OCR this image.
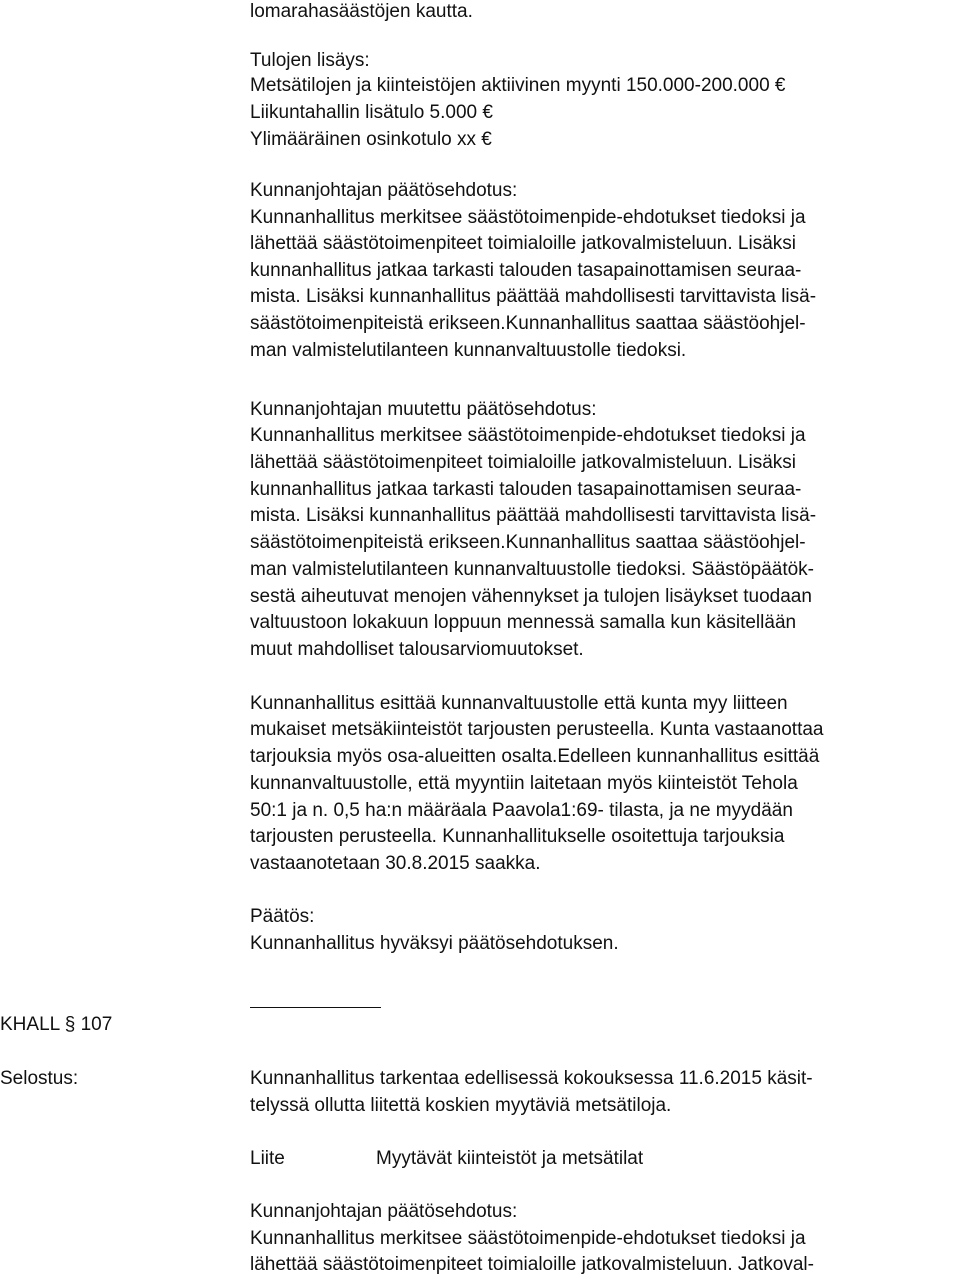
lomarahasäästöjen kautta.
Tulojen lisäys:
Metsätilojen ja kiinteistöjen aktiivinen myynti 150.000-200.000 €
Liikuntahallin lisätulo 5.000 €
Ylimääräinen osinkotulo xx €
Kunnanjohtajan päätösehdotus:
Kunnanhallitus merkitsee säästötoimenpide-ehdotukset tiedoksi ja
lähettää säästötoimenpiteet toimialoille jatkovalmisteluun. Lisäksi
kunnanhallitus jatkaa tarkasti talouden tasapainottamisen seuraa-
mista. Lisäksi kunnanhallitus päättää mahdollisesti tarvittavista lisä-
säästötoimenpiteistä erikseen.Kunnanhallitus saattaa säästöohjel-
man valmistelutilanteen kunnanvaltuustolle tiedoksi.
Kunnanjohtajan muutettu päätösehdotus:
Kunnanhallitus merkitsee säästötoimenpide-ehdotukset tiedoksi ja
lähettää säästötoimenpiteet toimialoille jatkovalmisteluun. Lisäksi
kunnanhallitus jatkaa tarkasti talouden tasapainottamisen seuraa-
mista. Lisäksi kunnanhallitus päättää mahdollisesti tarvittavista lisä-
säästötoimenpiteistä erikseen.Kunnanhallitus saattaa säästöohjel-
man valmistelutilanteen kunnanvaltuustolle tiedoksi. Säästöpäätök-
sestä aiheutuvat menojen vähennykset ja tulojen lisäykset tuodaan
valtuustoon lokakuun loppuun mennessä samalla kun käsitellään
muut mahdolliset talousarviomuutokset.
Kunnanhallitus esittää kunnanvaltuustolle että kunta myy liitteen
mukaiset metsäkiinteistöt tarjousten perusteella. Kunta vastaanottaa
tarjouksia myös osa-alueitten osalta.Edelleen kunnanhallitus esittää
kunnanvaltuustolle, että myyntiin laitetaan myös kiinteistöt Tehola
50:1 ja n. 0,5 ha:n määräala Paavola1:69- tilasta, ja ne myydään
tarjousten perusteella. Kunnanhallitukselle osoitettuja tarjouksia
vastaanotetaan 30.8.2015 saakka.
Päätös:
Kunnanhallitus hyväksyi päätösehdotuksen.
KHALL § 107
Selostus:	Kunnanhallitus tarkentaa edellisessä kokouksessa 11.6.2015 käsit-
telyssä ollutta liitettä koskien myytäviä metsätiloja.
Liite	Myytävät kiinteistöt ja metsätilat
Kunnanjohtajan päätösehdotus:
Kunnanhallitus merkitsee säästötoimenpide-ehdotukset tiedoksi ja
lähettää säästötoimenpiteet toimialoille jatkovalmisteluun. Jatkoval-
